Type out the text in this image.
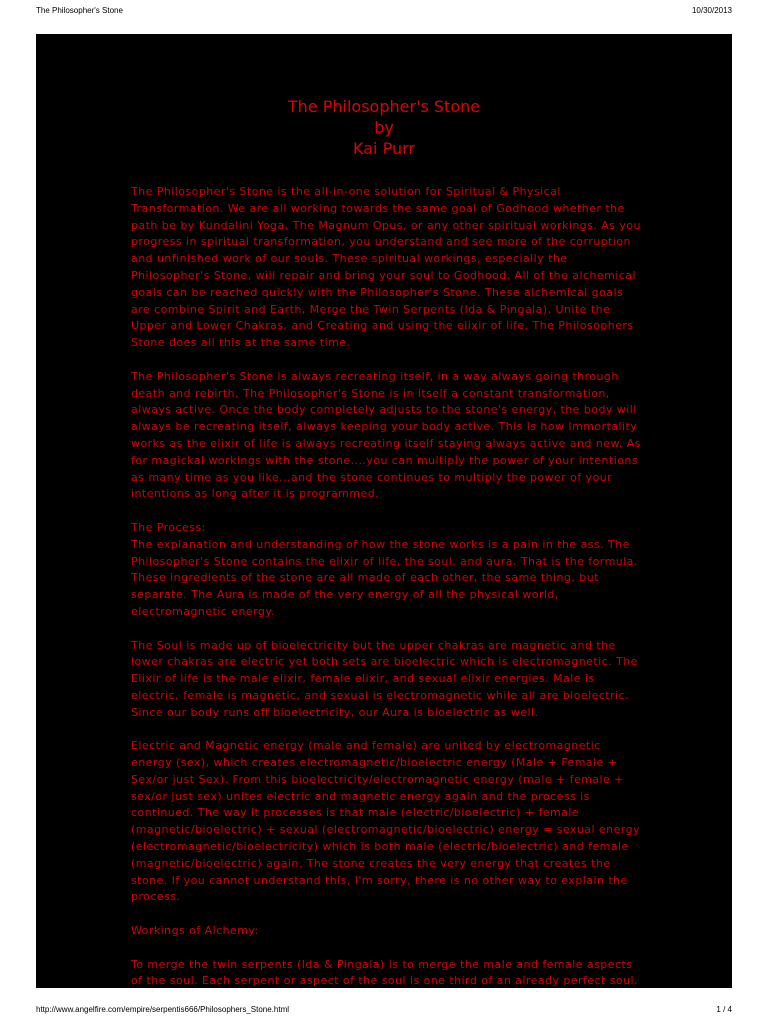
The Philosopher's Stone	10/30/2013
The Philosopher's Stone
by
Kai Purr

The Philosopher's Stone is the all-in-one solution for Spiritual & Physical Transformation. We are all working towards the same goal of Godhood whether the path be by Kundalini Yoga, The Magnum Opus, or any other spiritual workings. As you progress in spiritual transformation, you understand and see more of the corruption and unfinished work of our souls. These spiritual workings, especially the Philosopher's Stone, will repair and bring your soul to Godhood. All of the alchemical goals can be reached quickly with the Philosopher's Stone. These alchemical goals are combine Spirit and Earth, Merge the Twin Serpents (Ida & Pingala), Unite the Upper and Lower Chakras, and Creating and using the elixir of life. The Philosophers Stone does all this at the same time.

The Philosopher's Stone is always recreating itself, in a way always going through death and rebirth. The Philosopher's Stone is in itself a constant transformation, always active. Once the body completely adjusts to the stone's energy, the body will always be recreating itself, always keeping your body active. This is how Immortality works as the elixir of life is always recreating itself staying always active and new. As for magickal workings with the stone....you can multiply the power of your intentions as many time as you like...and the stone continues to multiply the power of your intentions as long after it is programmed.

The Process:

The explanation and understanding of how the stone works is a pain in the ass. The Philosopher's Stone contains the elixir of life, the soul, and aura. That is the formula. These ingredients of the stone are all made of each other, the same thing, but separate. The Aura is made of the very energy of all the physical world, electromagnetic energy.

The Soul is made up of bioelectricity but the upper chakras are magnetic and the lower chakras are electric yet both sets are bioelectric which is electromagnetic. The Elixir of life is the male elixir, female elixir, and sexual elixir energies. Male is electric, female is magnetic, and sexual is electromagnetic while all are bioelectric. Since our body runs off bioelectricity, our Aura is bioelectric as well.

Electric and Magnetic energy (male and female) are united by electromagnetic energy (sex), which creates electromagnetic/bioelectric energy (Male + Female + Sex/or just Sex). From this bioelectricity/electromagnetic energy (male + female + sex/or just sex) unites electric and magnetic energy again and the process is continued. The way it processes is that male (electric/bioelectric) + female (magnetic/bioelectric) + sexual (electromagnetic/bioelectric) energy = sexual energy (electromagnetic/bioelectricity) which is both male (electric/bioelectric) and female (magnetic/bioelectric) again. The stone creates the very energy that creates the stone. If you cannot understand this, I'm sorry, there is no other way to explain the process.

Workings of Alchemy:

To merge the twin serpents (Ida & Pingala) is to merge the male and female aspects of the soul. Each serpent or aspect of the soul is one third of an already perfect soul.

http://www.angelfire.com/empire/serpentis666/Philosophers_Stone.html	1 / 4
